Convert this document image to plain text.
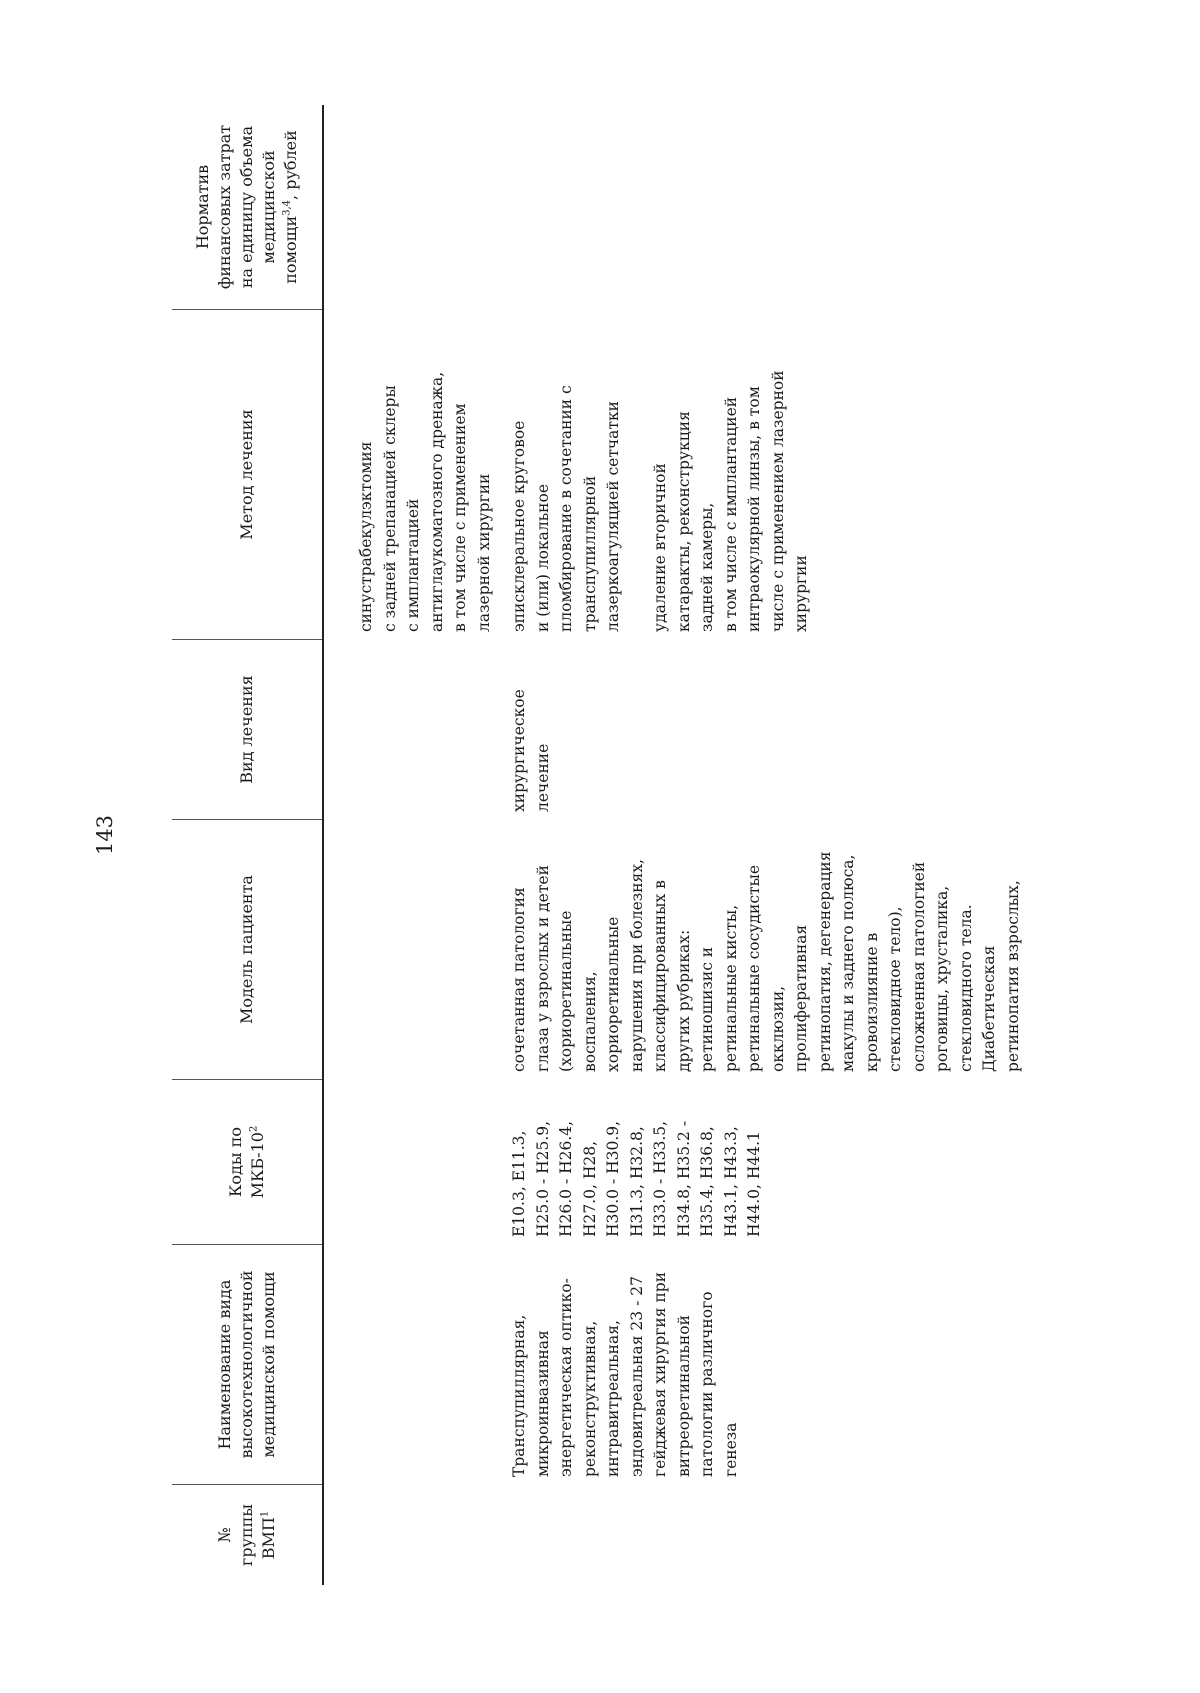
143
№ группы ВМП$^1$
Наименование вида высокотехнологичной медицинской помощи
Коды по МКБ-$10^2$
Модель пациента
Вид лечения
Метод лечения
Норматив финансовых затрат на единицу объема медицинской помощи$^{3,4}$, рублей
синустрабекулэктомия
с задней трепанацией склеры
с имплантацией
антиглаукоматозного дренажа,
в том числе с применением
лазерной хирургии
Транспупиллярная,
микроинвазивная
энергетическая оптико-
реконструктивная,
интравитреальная,
эндовитреальная 23 - 27
гейджевая хирургия при
витреоретинальной
патологии различного генеза
E10.3, E11.3,
H25.0 - H25.9,
H26.0 - H26.4,
H27.0, H28,
H30.0 - H30.9,
H31.3, H32.8,
H33.0 - H33.5,
H34.8, H35.2 -
H35.4, H36.8,
H43.1, H43.3,
H44.0, H44.1
сочетанная патология
глаза у взрослых и детей
(хориоретинальные
воспаления,
хориоретинальные
нарушения при болезнях,
классифицированных в
других рубриках:
ретиношизис и
ретинальные кисты,
ретинальные сосудистые
окклюзии,
пролиферативная
ретинопатия, дегенерация
макулы и заднего полюса,
кровоизлияние в
стекловидное тело),
осложненная патологией
роговицы, хрусталика,
стекловидного тела.
Диабетическая
ретинопатия взрослых,
хирургическое
лечение
эписклеральное круговое
и (или) локальное
пломбирование в сочетании с
транспупиллярной
лазеркоагуляцией сетчатки
удаление вторичной
катаракты, реконструкция
задней камеры,
в том числе с имплантацией
интраокулярной линзы, в том
числе с применением лазерной
хирургии
